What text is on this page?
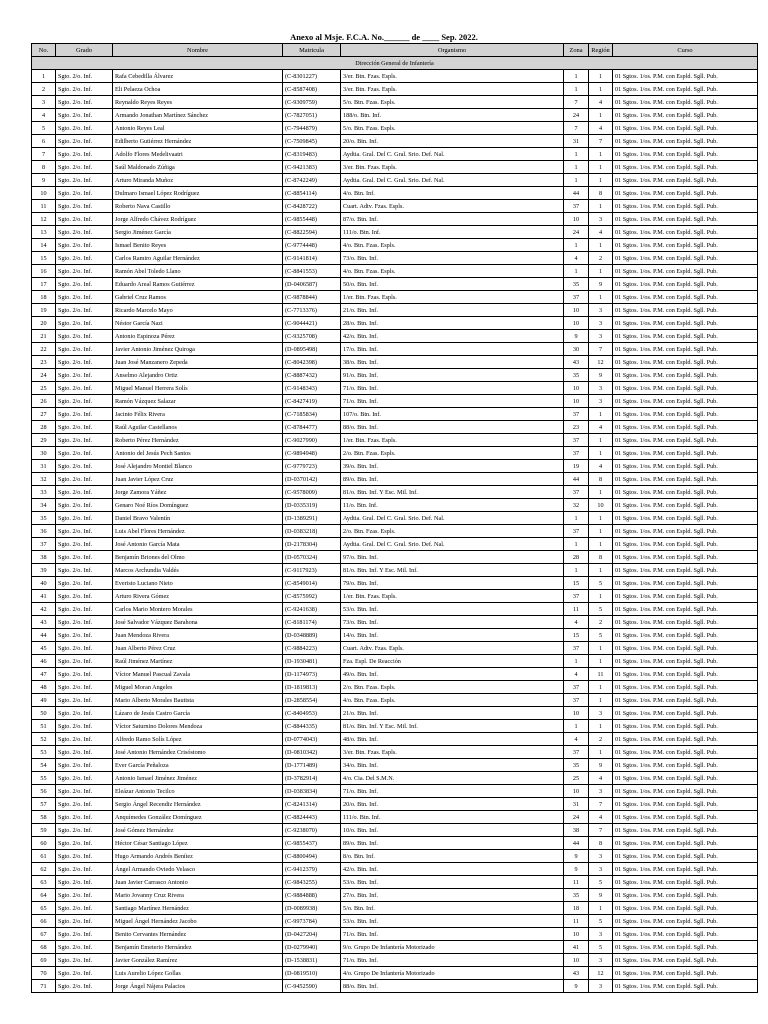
Anexo al Msje. F.C.A. No.______ de ____ Sep. 2022.
No.	Grado	Nombre	Matricula	Organismo	Zona	Región	Curso
Dirección General de Infantería							
1	Sgto. 2/o. Inf.	Rafa Cebedilla Álvarez	(C-8301227)	3/er. Btn. Fzas. Espls.	1	1	01 Sgtos. 1/os. P.M. con Espld. Sgll. Pub.
2	Sgto. 2/o. Inf.	Eli Pelaeza Ochoa	(C-8587408)	3/er. Btn. Fzas. Espls.	1	1	01 Sgtos. 1/os. P.M. con Espld. Sgll. Pub.
3	Sgto. 2/o. Inf.	Reynaldo Reyes Reyes	(C-9309759)	5/o. Btn. Fzas. Espls.	7	4	01 Sgtos. 1/os. P.M. con Espld. Sgll. Pub.
4	Sgto. 2/o. Inf.	Armando Jonathan Martínez Sánchez	(C-7827051)	188/o. Btn. Inf.	24	1	01 Sgtos. 1/os. P.M. con Espld. Sgll. Pub.
5	Sgto. 2/o. Inf.	Antonio Reyes Leal	(C-7944879)	5/o. Btn. Fzas. Espls.	7	4	01 Sgtos. 1/os. P.M. con Espld. Sgll. Pub.
6	Sgto. 2/o. Inf.	Edilberto Gutiérrez Hernández	(C-7509845)	20/o. Btn. Inf.	31	7	01 Sgtos. 1/os. P.M. con Espld. Sgll. Pub.
7	Sgto. 2/o. Inf.	Adolfo Flores Medelivaatri	(C-8319483)	Aydtia. Gral. Del C. Gral. Srio. Def. Nal.	1	1	01 Sgtos. 1/os. P.M. con Espld. Sgll. Pub.
8	Sgto. 2/o. Inf.	Saúl Maldonado Zúñiga	(C-9421383)	3/er. Btn. Fzas. Espls.	1	1	01 Sgtos. 1/os. P.M. con Espld. Sgll. Pub.
9	Sgto. 2/o. Inf.	Arturo Miranda Muñoz	(C-8742249)	Aydtia. Gral. Del C. Gral. Srio. Def. Nal.	1	1	01 Sgtos. 1/os. P.M. con Espld. Sgll. Pub.
10	Sgto. 2/o. Inf.	Dulmaro Ismael López Rodríguez	(C-8854114)	4/o. Btn. Inf.	44	8	01 Sgtos. 1/os. P.M. con Espld. Sgll. Pub.
11	Sgto. 2/o. Inf.	Roberto Nava Castillo	(C-8428722)	Cuart. Adtv. Fzas. Espls.	37	1	01 Sgtos. 1/os. P.M. con Espld. Sgll. Pub.
12	Sgto. 2/o. Inf.	Jorge Alfredo Chávez Rodríguez	(C-9855448)	87/o. Btn. Inf.	10	3	01 Sgtos. 1/os. P.M. con Espld. Sgll. Pub.
13	Sgto. 2/o. Inf.	Sergio Jiménez García	(C-8822594)	111/o. Btn. Inf.	24	4	01 Sgtos. 1/os. P.M. con Espld. Sgll. Pub.
14	Sgto. 2/o. Inf.	Ismael Benito Reyes	(C-9774448)	4/o. Btn. Fzas. Espls.	1	1	01 Sgtos. 1/os. P.M. con Espld. Sgll. Pub.
15	Sgto. 2/o. Inf.	Carlos Ramiro Aguilar Hernández	(C-9141814)	73/o. Btn. Inf.	4	2	01 Sgtos. 1/os. P.M. con Espld. Sgll. Pub.
16	Sgto. 2/o. Inf.	Ramón Abel Toledo Llano	(C-8841553)	4/o. Btn. Fzas. Espls.	1	1	01 Sgtos. 1/os. P.M. con Espld. Sgll. Pub.
17	Sgto. 2/o. Inf.	Eduardo Areal Ramos Gutiérrez	(D-0406587)	50/o. Btn. Inf.	35	9	01 Sgtos. 1/os. P.M. con Espld. Sgll. Pub.
18	Sgto. 2/o. Inf.	Gabriel Cruz Ramos	(C-9878844)	1/er. Btn. Fzas. Espls.	37	1	01 Sgtos. 1/os. P.M. con Espld. Sgll. Pub.
19	Sgto. 2/o. Inf.	Ricardo Marcelo Mayo	(C-7713376)	21/o. Btn. Inf.	10	3	01 Sgtos. 1/os. P.M. con Espld. Sgll. Pub.
20	Sgto. 2/o. Inf.	Néstor García Nazi	(C-9044421)	28/o. Btn. Inf.	10	3	01 Sgtos. 1/os. P.M. con Espld. Sgll. Pub.
21	Sgto. 2/o. Inf.	Antonio Espinoza Pérez	(C-9325708)	42/o. Btn. Inf.	9	3	01 Sgtos. 1/os. P.M. con Espld. Sgll. Pub.
22	Sgto. 2/o. Inf.	Javier Antonio Jiménez Quiroga	(D-0895498)	17/o. Btn. Inf.	30	7	01 Sgtos. 1/os. P.M. con Espld. Sgll. Pub.
23	Sgto. 2/o. Inf.	Juan José Manzanero Zepeda	(C-8042398)	38/o. Btn. Inf.	43	12	01 Sgtos. 1/os. P.M. con Espld. Sgll. Pub.
24	Sgto. 2/o. Inf.	Anselmo Alejandro Ortiz	(C-8887432)	91/o. Btn. Inf.	35	9	01 Sgtos. 1/os. P.M. con Espld. Sgll. Pub.
25	Sgto. 2/o. Inf.	Miguel Manuel Herrera Solís	(C-9148343)	71/o. Btn. Inf.	10	3	01 Sgtos. 1/os. P.M. con Espld. Sgll. Pub.
26	Sgto. 2/o. Inf.	Ramón Vázquez Salazar	(C-8427419)	71/o. Btn. Inf.	10	3	01 Sgtos. 1/os. P.M. con Espld. Sgll. Pub.
27	Sgto. 2/o. Inf.	Jacinto Félix Rivera	(C-7185834)	107/o. Btn. Inf.	37	1	01 Sgtos. 1/os. P.M. con Espld. Sgll. Pub.
28	Sgto. 2/o. Inf.	Raúl Aguilar Castellanos	(C-8784477)	88/o. Btn. Inf.	23	4	01 Sgtos. 1/os. P.M. con Espld. Sgll. Pub.
29	Sgto. 2/o. Inf.	Roberto Pérez Hernández	(C-9027990)	1/er. Btn. Fzas. Espls.	37	1	01 Sgtos. 1/os. P.M. con Espld. Sgll. Pub.
30	Sgto. 2/o. Inf.	Antonio del Jesús Pech Santos	(C-9894948)	2/o. Btn. Fzas. Espls.	37	1	01 Sgtos. 1/os. P.M. con Espld. Sgll. Pub.
31	Sgto. 2/o. Inf.	José Alejandro Montiel Blanco	(C-9779723)	39/o. Btn. Inf.	19	4	01 Sgtos. 1/os. P.M. con Espld. Sgll. Pub.
32	Sgto. 2/o. Inf.	Juan Javier López Cruz	(D-0370142)	89/o. Btn. Inf.	44	8	01 Sgtos. 1/os. P.M. con Espld. Sgll. Pub.
33	Sgto. 2/o. Inf.	Jorge Zamora Yáñez	(C-9578009)	81/o. Btn. Inf. Y Esc. Mil. Inf.	37	1	01 Sgtos. 1/os. P.M. con Espld. Sgll. Pub.
34	Sgto. 2/o. Inf.	Genaro Noé Ríos Domínguez	(D-0335319)	11/o. Btn. Inf.	32	10	01 Sgtos. 1/os. P.M. con Espld. Sgll. Pub.
35	Sgto. 2/o. Inf.	Daniel Bravo Valentín	(D-1389291)	Aydtia. Gral. Del C. Gral. Srio. Def. Nal.	1	1	01 Sgtos. 1/os. P.M. con Espld. Sgll. Pub.
36	Sgto. 2/o. Inf.	Luis Abel Flores Hernández	(D-0383218)	2/o. Btn. Fzas. Espls.	37	1	01 Sgtos. 1/os. P.M. con Espld. Sgll. Pub.
37	Sgto. 2/o. Inf.	José Antonio García Mata	(D-2178304)	Aydtia. Gral. Del C. Gral. Srio. Def. Nal.	1	1	01 Sgtos. 1/os. P.M. con Espld. Sgll. Pub.
38	Sgto. 2/o. Inf.	Benjamín Briones del Olmo	(D-0570324)	97/o. Btn. Inf.	28	8	01 Sgtos. 1/os. P.M. con Espld. Sgll. Pub.
39	Sgto. 2/o. Inf.	Marcos Archundia Valdés	(C-9117923)	81/o. Btn. Inf. Y Esc. Mil. Inf.	1	1	01 Sgtos. 1/os. P.M. con Espld. Sgll. Pub.
40	Sgto. 2/o. Inf.	Everisto Luciano Nieto	(C-8549014)	79/o. Btn. Inf.	15	5	01 Sgtos. 1/os. P.M. con Espld. Sgll. Pub.
41	Sgto. 2/o. Inf.	Arturo Rivera Gómez	(C-8575992)	1/er. Btn. Fzas. Espls.	37	1	01 Sgtos. 1/os. P.M. con Espld. Sgll. Pub.
42	Sgto. 2/o. Inf.	Carlos Mario Montero Morales	(C-9241638)	53/o. Btn. Inf.	11	5	01 Sgtos. 1/os. P.M. con Espld. Sgll. Pub.
43	Sgto. 2/o. Inf.	José Salvador Vázquez Barahona	(C-8181174)	73/o. Btn. Inf.	4	2	01 Sgtos. 1/os. P.M. con Espld. Sgll. Pub.
44	Sgto. 2/o. Inf.	Juan Mendoza Rivera	(D-0348889)	14/o. Btn. Inf.	15	5	01 Sgtos. 1/os. P.M. con Espld. Sgll. Pub.
45	Sgto. 2/o. Inf.	Juan Alberto Pérez Cruz	(C-9884223)	Cuart. Adtv. Fzas. Espls.	37	1	01 Sgtos. 1/os. P.M. con Espld. Sgll. Pub.
46	Sgto. 2/o. Inf.	Raúl Jiménez Martínez	(D-1930481)	Fza. Espl. De Reacción	1	1	01 Sgtos. 1/os. P.M. con Espld. Sgll. Pub.
47	Sgto. 2/o. Inf.	Víctor Manuel Pascual Zavala	(D-1174973)	49/o. Btn. Inf.	4	11	01 Sgtos. 1/os. P.M. con Espld. Sgll. Pub.
48	Sgto. 2/o. Inf.	Miguel Moran Angeles	(D-1819813)	2/o. Btn. Fzas. Espls.	37	1	01 Sgtos. 1/os. P.M. con Espld. Sgll. Pub.
49	Sgto. 2/o. Inf.	Mario Alberto Morales Bautista	(D-2858554)	4/o. Btn. Fzas. Espls.	37	1	01 Sgtos. 1/os. P.M. con Espld. Sgll. Pub.
50	Sgto. 2/o. Inf.	Lázaro de Jesús Castro García	(C-8404953)	21/o. Btn. Inf.	10	3	01 Sgtos. 1/os. P.M. con Espld. Sgll. Pub.
51	Sgto. 2/o. Inf.	Víctor Saturnino Dolores Mendoza	(C-8844335)	81/o. Btn. Inf. Y Esc. Mil. Inf.	1	1	01 Sgtos. 1/os. P.M. con Espld. Sgll. Pub.
52	Sgto. 2/o. Inf.	Alfredo Ramo Solís López	(D-0774043)	48/o. Btn. Inf.	4	2	01 Sgtos. 1/os. P.M. con Espld. Sgll. Pub.
53	Sgto. 2/o. Inf.	José Antonio Hernández Crisóstomo	(D-0810342)	3/er. Btn. Fzas. Espls.	37	1	01 Sgtos. 1/os. P.M. con Espld. Sgll. Pub.
54	Sgto. 2/o. Inf.	Ever García Peñaloza	(D-1771489)	34/o. Btn. Inf.	35	9	01 Sgtos. 1/os. P.M. con Espld. Sgll. Pub.
55	Sgto. 2/o. Inf.	Antonio Ismael Jiménez Jiménez	(D-3782914)	4/o. Cia. Del S.M.N.	25	4	01 Sgtos. 1/os. P.M. con Espld. Sgll. Pub.
56	Sgto. 2/o. Inf.	Eleázar Antonio Tecilco	(D-0383834)	71/o. Btn. Inf.	10	3	01 Sgtos. 1/os. P.M. con Espld. Sgll. Pub.
57	Sgto. 2/o. Inf.	Sergio Ángel Recendiz Hernández	(C-8241314)	20/o. Btn. Inf.	31	7	01 Sgtos. 1/os. P.M. con Espld. Sgll. Pub.
58	Sgto. 2/o. Inf.	Anquímedes González Domínguez	(C-8824443)	111/o. Btn. Inf.	24	4	01 Sgtos. 1/os. P.M. con Espld. Sgll. Pub.
59	Sgto. 2/o. Inf.	José Gómez Hernández	(C-9238070)	10/o. Btn. Inf.	38	7	01 Sgtos. 1/os. P.M. con Espld. Sgll. Pub.
60	Sgto. 2/o. Inf.	Héctor César Santiago López	(C-9855437)	89/o. Btn. Inf.	44	8	01 Sgtos. 1/os. P.M. con Espld. Sgll. Pub.
61	Sgto. 2/o. Inf.	Hugo Armando Andrés Benítez	(C-8800494)	8/o. Btn. Inf.	9	3	01 Sgtos. 1/os. P.M. con Espld. Sgll. Pub.
62	Sgto. 2/o. Inf.	Ángel Armando Oviedo Velasco	(C-9412379)	42/o. Btn. Inf.	9	3	01 Sgtos. 1/os. P.M. con Espld. Sgll. Pub.
63	Sgto. 2/o. Inf.	Juan Javier Carrasco Antonio	(C-9843255)	53/o. Btn. Inf.	11	5	01 Sgtos. 1/os. P.M. con Espld. Sgll. Pub.
64	Sgto. 2/o. Inf.	Mario Jovanny Cruz Rivera	(C-9884888)	27/o. Btn. Inf.	35	9	01 Sgtos. 1/os. P.M. con Espld. Sgll. Pub.
65	Sgto. 2/o. Inf.	Santiago Martínez Hernández	(D-0089938)	5/o. Btn. Inf.	18	1	01 Sgtos. 1/os. P.M. con Espld. Sgll. Pub.
66	Sgto. 2/o. Inf.	Miguel Ángel Hernández Jacobo	(C-9973784)	53/o. Btn. Inf.	11	5	01 Sgtos. 1/os. P.M. con Espld. Sgll. Pub.
67	Sgto. 2/o. Inf.	Benito Cervantes Hernández	(D-0427204)	71/o. Btn. Inf.	10	3	01 Sgtos. 1/os. P.M. con Espld. Sgll. Pub.
68	Sgto. 2/o. Inf.	Benjamín Emeterio Hernández	(D-0279940)	9/o. Grupo De Infantería Motorizado	41	5	01 Sgtos. 1/os. P.M. con Espld. Sgll. Pub.
69	Sgto. 2/o. Inf.	Javier González Ramírez	(D-1538831)	71/o. Btn. Inf.	10	3	01 Sgtos. 1/os. P.M. con Espld. Sgll. Pub.
70	Sgto. 2/o. Inf.	Luis Aurelio López Gollas	(D-0819510)	4/o. Grupo De Infantería Motorizado	43	12	01 Sgtos. 1/os. P.M. con Espld. Sgll. Pub.
71	Sgto. 2/o. Inf.	Jorge Ángel Nájera Palacios	(C-9452590)	88/o. Btn. Inf.	9	3	01 Sgtos. 1/os. P.M. con Espld. Sgll. Pub.
